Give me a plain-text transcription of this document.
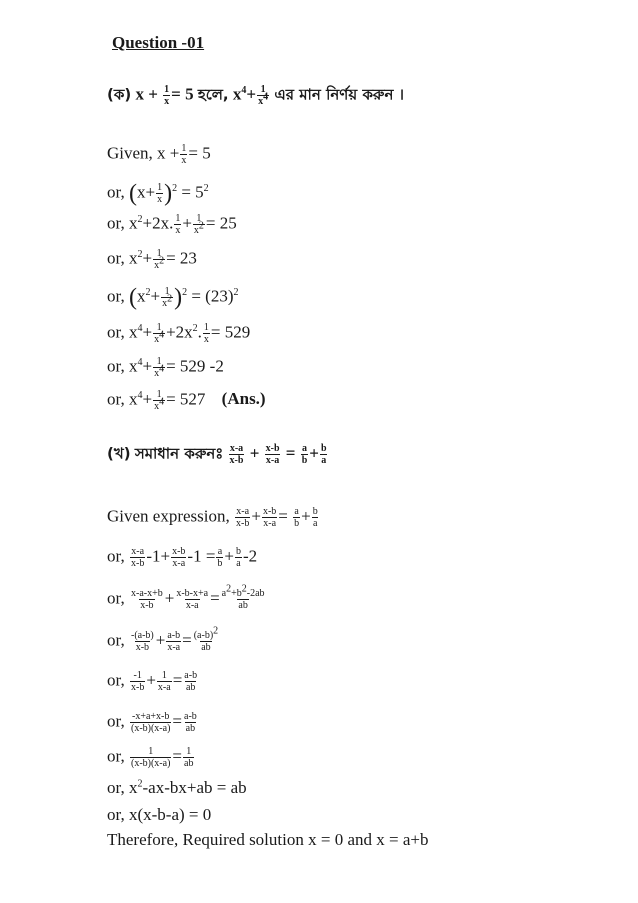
Question -01
(ক) $x + \frac{1}{x} = 5$ হলে, $x^4+ \frac{1}{x^4}$ এর মান নির্ণয় করুন ।
Given, $x + \frac{1}{x} = 5$
or, $(x+ \frac{1}{x} )^2 = 5^2$
or, $x^2+2x$. $\frac{1}{x} + \frac{1}{x^2} = 25$
or, $x^2+ \frac{1}{x^2} = 23$
or, $(x^2+ \frac{1}{x^2} )^2 = (23)^2$
or, $x^4+ \frac{1}{x^4} +2x^2$. $\frac{1}{x} = 529$
or, $x^4+ \frac{1}{x^4} = 529$ -2
or, $x^4+ \frac{1}{x^4} = 527$ (Ans.)
(খ) সমাধান করুনঃ $\frac{x-a}{x-b} + \frac{x-b}{x-a} = \frac{a}{b} + \frac{b}{a}$
Given expression, $\frac{x-a}{x-b} + \frac{x-b}{x-a} = \frac{a}{b} + \frac{b}{a}$
or, $\frac{x-a}{x-b} -1+ \frac{x-b}{x-a} -1 = \frac{a}{b} + \frac{b}{a} -2$
or, $\frac{x-a-x+b}{x-b} + \frac{x-b-x+a}{x-a} = \frac{a^2+b^2-2ab}{ab}$
or, $\frac{-(a-b)}{x-b} + \frac{a-b}{x-a} = \frac{(a-b)^2}{ab}$
or, $\frac{-1}{x-b} + \frac{1}{x-a} = \frac{a-b}{ab}$
or, $\frac{-x+a+x-b}{(x-b)(x-a)} = \frac{a-b}{ab}$
or, $\frac{1}{(x-b)(x-a)} = \frac{1}{ab}$
or, $x^2-ax-bx+ab$ = ab
or, x(x-b-a) = 0
Therefore, Required solution x = 0 and x = a+b
